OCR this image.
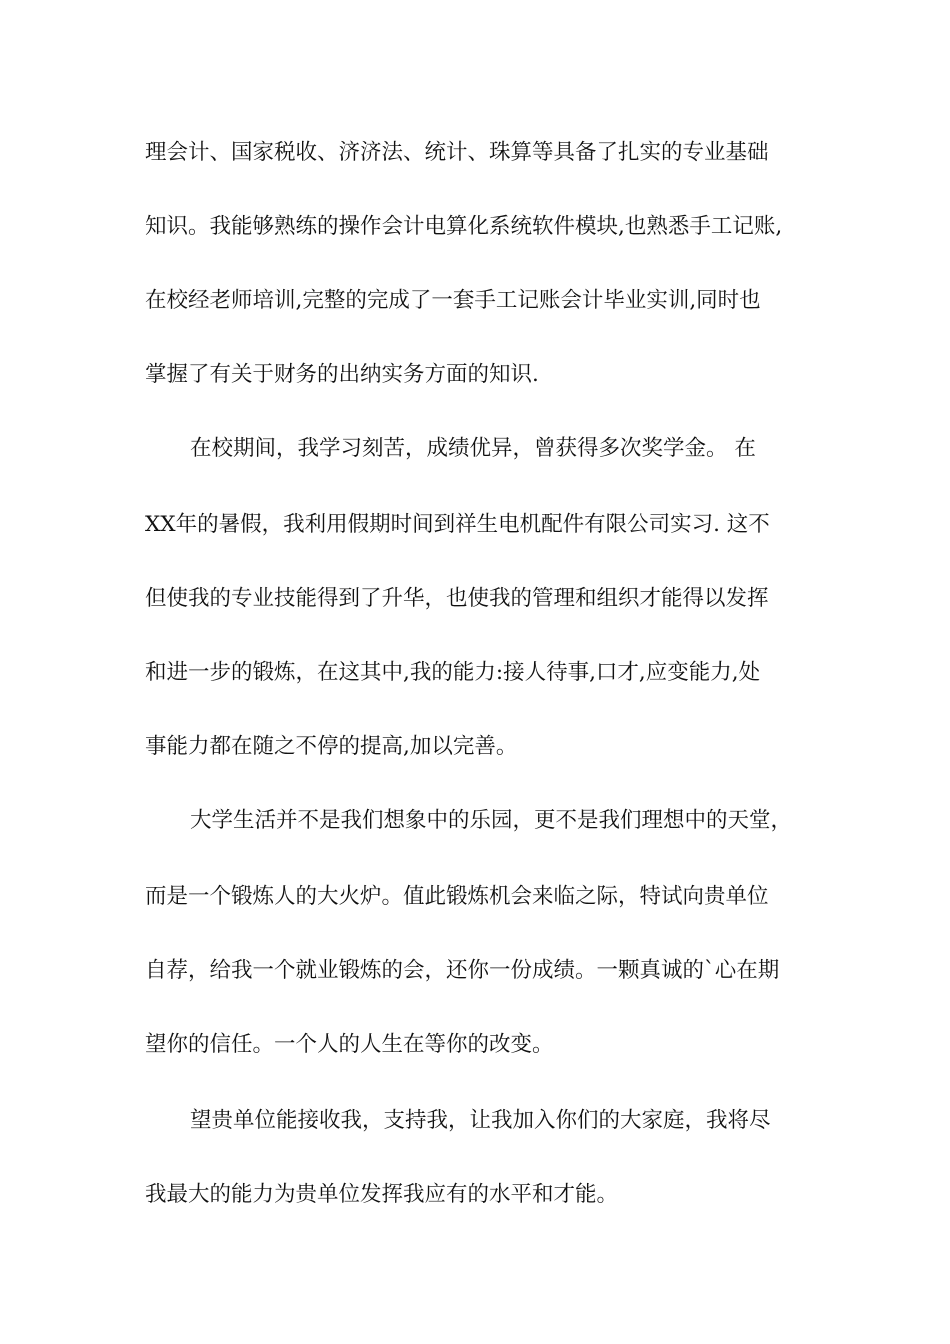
理会计、国家税收、济济法、统计、珠算等具备了扎实的专业基础
知识。我能够熟练的操作会计电算化系统软件模块,也熟悉手工记账,
在校经老师培训,完整的完成了一套手工记账会计毕业实训,同时也
掌握了有关于财务的出纳实务方面的知识.
在校期间，我学习刻苦，成绩优异，曾获得多次奖学金。 在
XX年的暑假，我利用假期时间到祥生电机配件有限公司实习. 这不
但使我的专业技能得到了升华，也使我的管理和组织才能得以发挥
和进一步的锻炼，在这其中,我的能力:接人待事,口才,应变能力,处
事能力都在随之不停的提高,加以完善。
大学生活并不是我们想象中的乐园，更不是我们理想中的天堂，
而是一个锻炼人的大火炉。值此锻炼机会来临之际，特试向贵单位
自荐，给我一个就业锻炼的会，还你一份成绩。一颗真诚的`心在期
望你的信任。一个人的人生在等你的改变。
望贵单位能接收我，支持我，让我加入你们的大家庭，我将尽
我最大的能力为贵单位发挥我应有的水平和才能。
